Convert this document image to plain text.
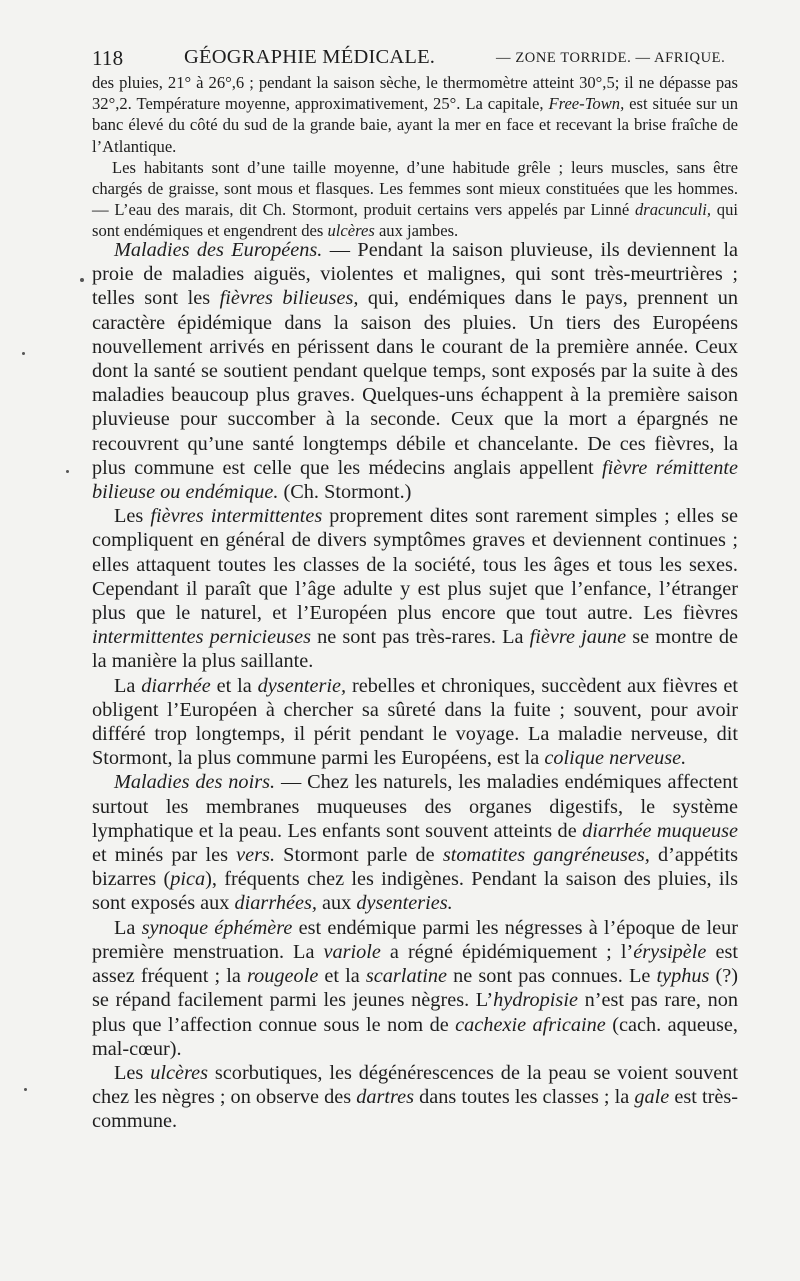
118	GÉOGRAPHIE MÉDICALE.	— ZONE TORRIDE. — AFRIQUE.

des pluies, 21° à 26°,6 ; pendant la saison sèche, le thermomètre atteint 30°,5; il ne dépasse pas 32°,2. Température moyenne, approximativement, 25°. La capitale, Free-Town, est située sur un banc élevé du côté du sud de la grande baie, ayant la mer en face et recevant la brise fraîche de l’Atlantique.

Les habitants sont d’une taille moyenne, d’une habitude grêle ; leurs muscles, sans être chargés de graisse, sont mous et flasques. Les femmes sont mieux constituées que les hommes. — L’eau des marais, dit Ch. Stormont, produit certains vers appelés par Linné dracunculi, qui sont endémiques et engendrent des ulcères aux jambes.

Maladies des Européens. — Pendant la saison pluvieuse, ils deviennent la proie de maladies aiguës, violentes et malignes, qui sont très-meurtrières ; telles sont les fièvres bilieuses, qui, endémiques dans le pays, prennent un caractère épidémique dans la saison des pluies. Un tiers des Européens nouvellement arrivés en périssent dans le courant de la première année. Ceux dont la santé se soutient pendant quelque temps, sont exposés par la suite à des maladies beaucoup plus graves. Quelques-uns échappent à la première saison pluvieuse pour succomber à la seconde. Ceux que la mort a épargnés ne recouvrent qu’une santé longtemps débile et chancelante. De ces fièvres, la plus commune est celle que les médecins anglais appellent fièvre rémittente bilieuse ou endémique. (Ch. Stormont.)

Les fièvres intermittentes proprement dites sont rarement simples ; elles se compliquent en général de divers symptômes graves et deviennent continues ; elles attaquent toutes les classes de la société, tous les âges et tous les sexes. Cependant il paraît que l’âge adulte y est plus sujet que l’enfance, l’étranger plus que le naturel, et l’Européen plus encore que tout autre. Les fièvres intermittentes pernicieuses ne sont pas très-rares. La fièvre jaune se montre de la manière la plus saillante.

La diarrhée et la dysenterie, rebelles et chroniques, succèdent aux fièvres et obligent l’Européen à chercher sa sûreté dans la fuite ; souvent, pour avoir différé trop longtemps, il périt pendant le voyage. La maladie nerveuse, dit Stormont, la plus commune parmi les Européens, est la colique nerveuse.

Maladies des noirs. — Chez les naturels, les maladies endémiques affectent surtout les membranes muqueuses des organes digestifs, le système lymphatique et la peau. Les enfants sont souvent atteints de diarrhée muqueuse et minés par les vers. Stormont parle de stomatites gangréneuses, d’appétits bizarres (pica), fréquents chez les indigènes. Pendant la saison des pluies, ils sont exposés aux diarrhées, aux dysenteries.

La synoque éphémère est endémique parmi les négresses à l’époque de leur première menstruation. La variole a régné épidémiquement ; l’érysipèle est assez fréquent ; la rougeole et la scarlatine ne sont pas connues. Le typhus (?) se répand facilement parmi les jeunes nègres. L’hydropisie n’est pas rare, non plus que l’affection connue sous le nom de cachexie africaine (cach. aqueuse, mal-cœur).

Les ulcères scorbutiques, les dégénérescences de la peau se voient souvent chez les nègres ; on observe des dartres dans toutes les classes ; la gale est très-commune.
